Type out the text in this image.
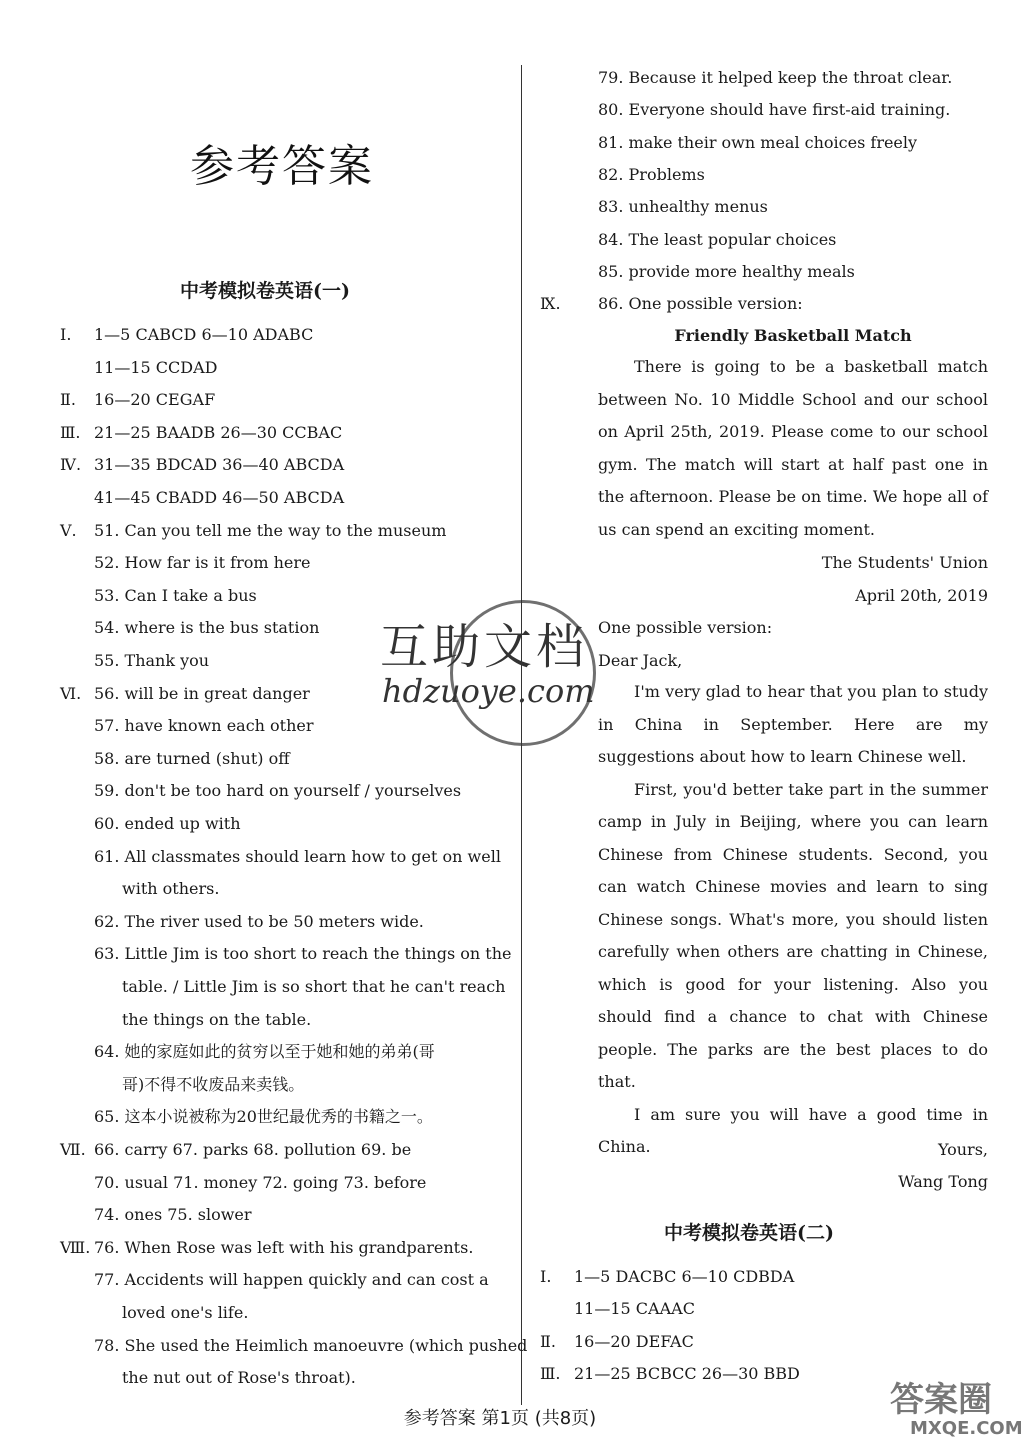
参考答案
中考模拟卷英语(一)
Ⅰ. 1—5 CABCD 6—10 ADABC
11—15 CCDAD
Ⅱ. 16—20 CEGAF
Ⅲ. 21—25 BAADB 26—30 CCBAC
Ⅳ. 31—35 BDCAD 36—40 ABCDA
41—45 CBADD 46—50 ABCDA
Ⅴ. 51. Can you tell me the way to the museum
52. How far is it from here
53. Can I take a bus
54. where is the bus station
55. Thank you
Ⅵ. 56. will be in great danger
57. have known each other
58. are turned (shut) off
59. don't be too hard on yourself / yourselves
60. ended up with
61. All classmates should learn how to get on well
with others.
62. The river used to be 50 meters wide.
63. Little Jim is too short to reach the things on the
table. / Little Jim is so short that he can't reach
the things on the table.
64. 她的家庭如此的贫穷以至于她和她的弟弟(哥
哥)不得不收废品来卖钱。
65. 这本小说被称为20世纪最优秀的书籍之一。
Ⅶ. 66. carry 67. parks 68. pollution 69. be
70. usual 71. money 72. going 73. before
74. ones 75. slower
Ⅷ. 76. When Rose was left with his grandparents.
77. Accidents will happen quickly and can cost a
loved one's life.
78. She used the Heimlich manoeuvre (which pushed
the nut out of Rose's throat).
79. Because it helped keep the throat clear.
80. Everyone should have first-aid training.
81. make their own meal choices freely
82. Problems
83. unhealthy menus
84. The least popular choices
85. provide more healthy meals
Ⅸ. 86. One possible version:
Friendly Basketball Match

There is going to be a basketball match between No. 10 Middle School and our school on April 25th, 2019. Please come to our school gym. The match will start at half past one in the afternoon. Please be on time. We hope all of us can spend an exciting moment.

The Students' Union
April 20th, 2019
One possible version:
Dear Jack,

I'm very glad to hear that you plan to study in China in September. Here are my suggestions about how to learn Chinese well.

First, you'd better take part in the summer camp in July in Beijing, where you can learn Chinese from Chinese students. Second, you can watch Chinese movies and learn to sing Chinese songs. What's more, you should listen carefully when others are chatting in Chinese, which is good for your listening. Also you should find a chance to chat with Chinese people. The parks are the best places to do that.

I am sure you will have a good time in China.	Yours,
Wang Tong
中考模拟卷英语(二)
Ⅰ. 1—5 DACBC 6—10 CDBDA
11—15 CAAAC
Ⅱ. 16—20 DEFAC
Ⅲ. 21—25 BCBCC 26—30 BBD
互助文档
hdzuoye.com
答案圈
MXQE.COM
参考答案 第1页 (共8页)
